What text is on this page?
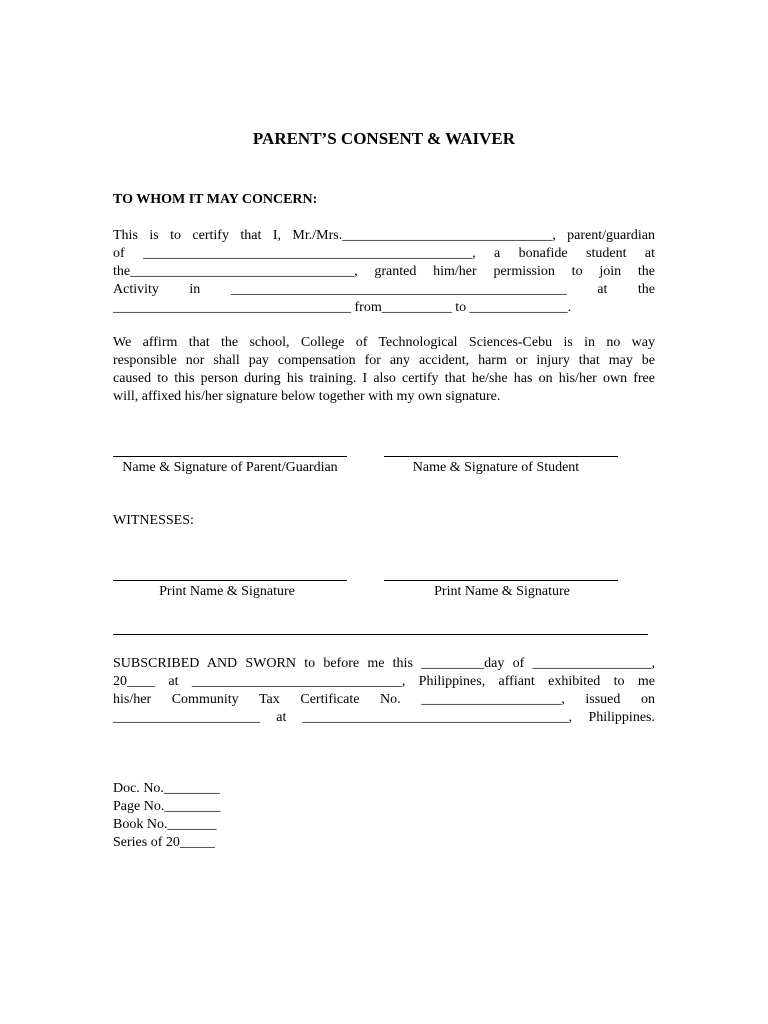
PARENT’S CONSENT & WAIVER
TO WHOM IT MAY CONCERN:
This is to certify that I, Mr./Mrs.______________________________, parent/guardian
of _______________________________________________, a bonafide student at
the________________________________, granted him/her permission to join the
Activity in ________________________________________________ at the
__________________________________ from__________ to ______________.
We affirm that the school, College of Technological Sciences-Cebu is in no way
responsible nor shall pay compensation for any accident, harm or injury that may be
caused to this person during his training. I also certify that he/she has on his/her own free
will, affixed his/her signature below together with my own signature.
Name & Signature of Parent/Guardian	Name & Signature of Student
WITNESSES:
Print Name & Signature	Print Name & Signature
SUBSCRIBED AND SWORN to before me this _________day of _________________,
20____ at ______________________________, Philippines, affiant exhibited to me
his/her Community Tax Certificate No. ____________________, issued on
_____________________ at ______________________________________, Philippines.
Doc. No.________
Page No.________
Book No._______
Series of 20_____
